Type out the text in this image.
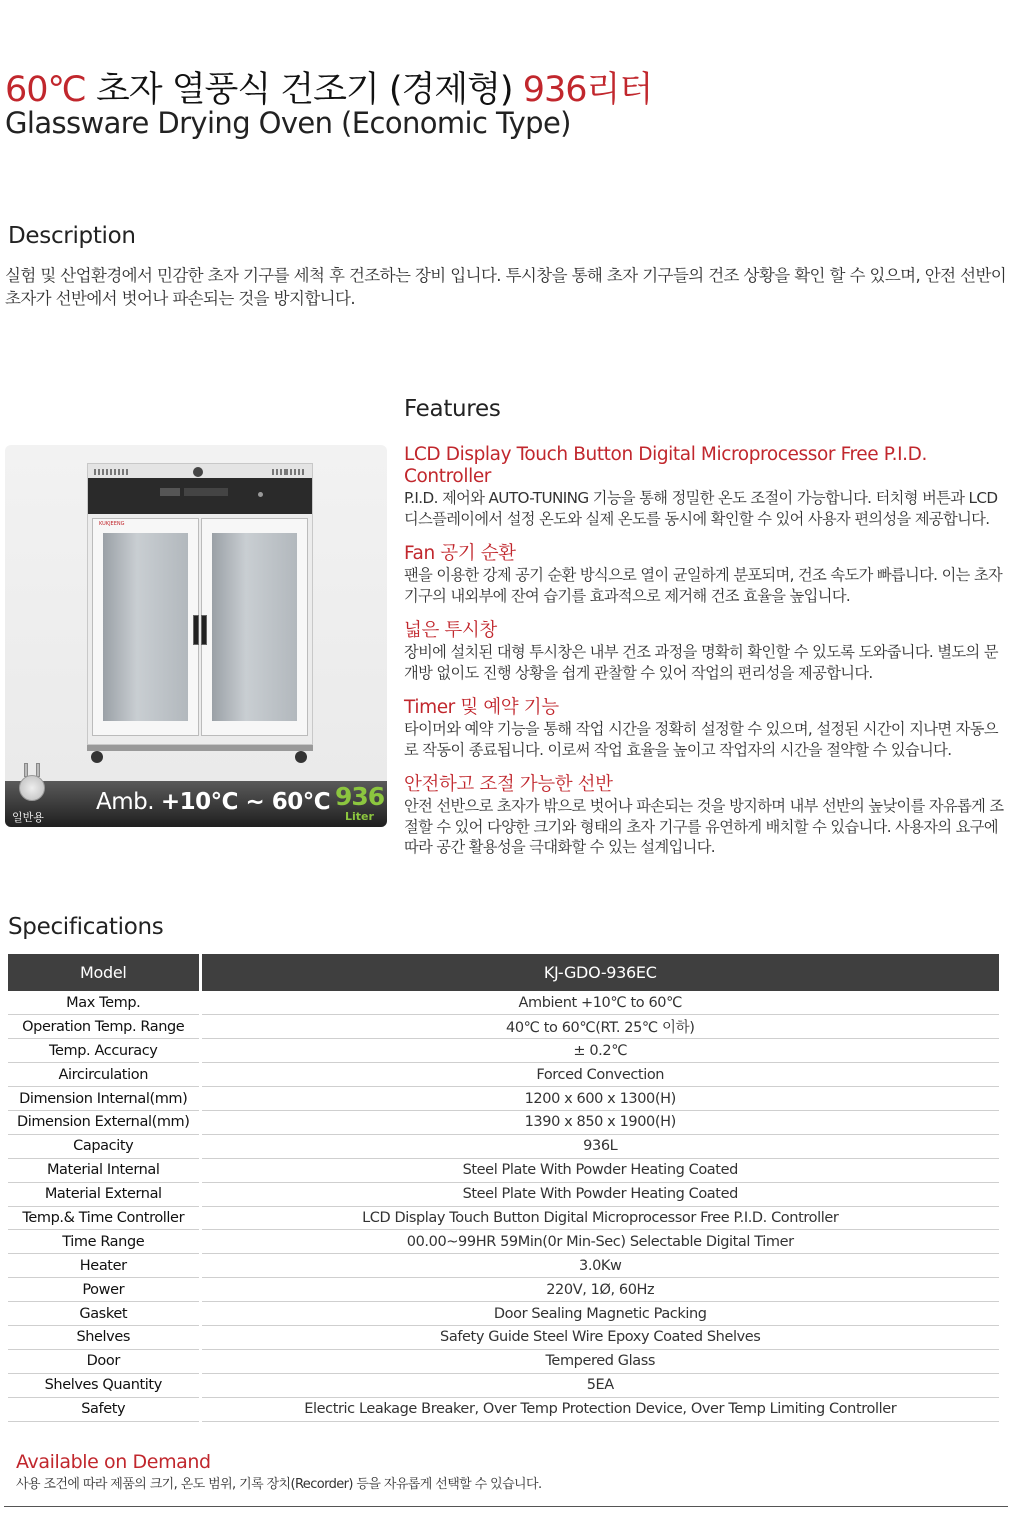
60℃ 초자 열풍식 건조기 (경제형) 936리터
Glassware Drying Oven (Economic Type)
Description

실험 및 산업환경에서 민감한 초자 기구를 세척 후 건조하는 장비 입니다. 투시창을 통해 초자 기구들의 건조 상황을 확인 할 수 있으며, 안전 선반이 초자가 선반에서 벗어나 파손되는 것을 방지합니다.

KUKJEENG
일반용
Amb. +10℃ ~ 60℃ 936
Liter
Features
LCD Display Touch Button Digital Microprocessor Free P.I.D. Controller
P.I.D. 제어와 AUTO-TUNING 기능을 통해 정밀한 온도 조절이 가능합니다. 터치형 버튼과 LCD 디스플레이에서 설정 온도와 실제 온도를 동시에 확인할 수 있어 사용자 편의성을 제공합니다.
Fan 공기 순환
팬을 이용한 강제 공기 순환 방식으로 열이 균일하게 분포되며, 건조 속도가 빠릅니다. 이는 초자 기구의 내외부에 잔여 습기를 효과적으로 제거해 건조 효율을 높입니다.
넓은 투시창
장비에 설치된 대형 투시창은 내부 건조 과정을 명확히 확인할 수 있도록 도와줍니다. 별도의 문 개방 없이도 진행 상황을 쉽게 관찰할 수 있어 작업의 편리성을 제공합니다.
Timer 및 예약 기능
타이머와 예약 기능을 통해 작업 시간을 정확히 설정할 수 있으며, 설정된 시간이 지나면 자동으로 작동이 종료됩니다. 이로써 작업 효율을 높이고 작업자의 시간을 절약할 수 있습니다.
안전하고 조절 가능한 선반
안전 선반으로 초자가 밖으로 벗어나 파손되는 것을 방지하며 내부 선반의 높낮이를 자유롭게 조절할 수 있어 다양한 크기와 형태의 초자 기구를 유연하게 배치할 수 있습니다. 사용자의 요구에 따라 공간 활용성을 극대화할 수 있는 설계입니다.
Specifications
Model	KJ-GDO-936EC
Max Temp.	Ambient +10℃ to 60℃
Operation Temp. Range	40℃ to 60℃(RT. 25℃ 이하)
Temp. Accuracy	± 0.2℃
Aircirculation	Forced Convection
Dimension Internal(mm)	1200 x 600 x 1300(H)
Dimension External(mm)	1390 x 850 x 1900(H)
Capacity	936L
Material Internal	Steel Plate With Powder Heating Coated
Material External	Steel Plate With Powder Heating Coated
Temp.& Time Controller	LCD Display Touch Button Digital Microprocessor Free P.I.D. Controller
Time Range	00.00~99HR 59Min(0r Min-Sec) Selectable Digital Timer
Heater	3.0Kw
Power	220V, 1Ø, 60Hz
Gasket	Door Sealing Magnetic Packing
Shelves	Safety Guide Steel Wire Epoxy Coated Shelves
Door	Tempered Glass
Shelves Quantity	5EA
Safety	Electric Leakage Breaker, Over Temp Protection Device, Over Temp Limiting Controller
Available on Demand
사용 조건에 따라 제품의 크기, 온도 범위, 기록 장치(Recorder) 등을 자유롭게 선택할 수 있습니다.
